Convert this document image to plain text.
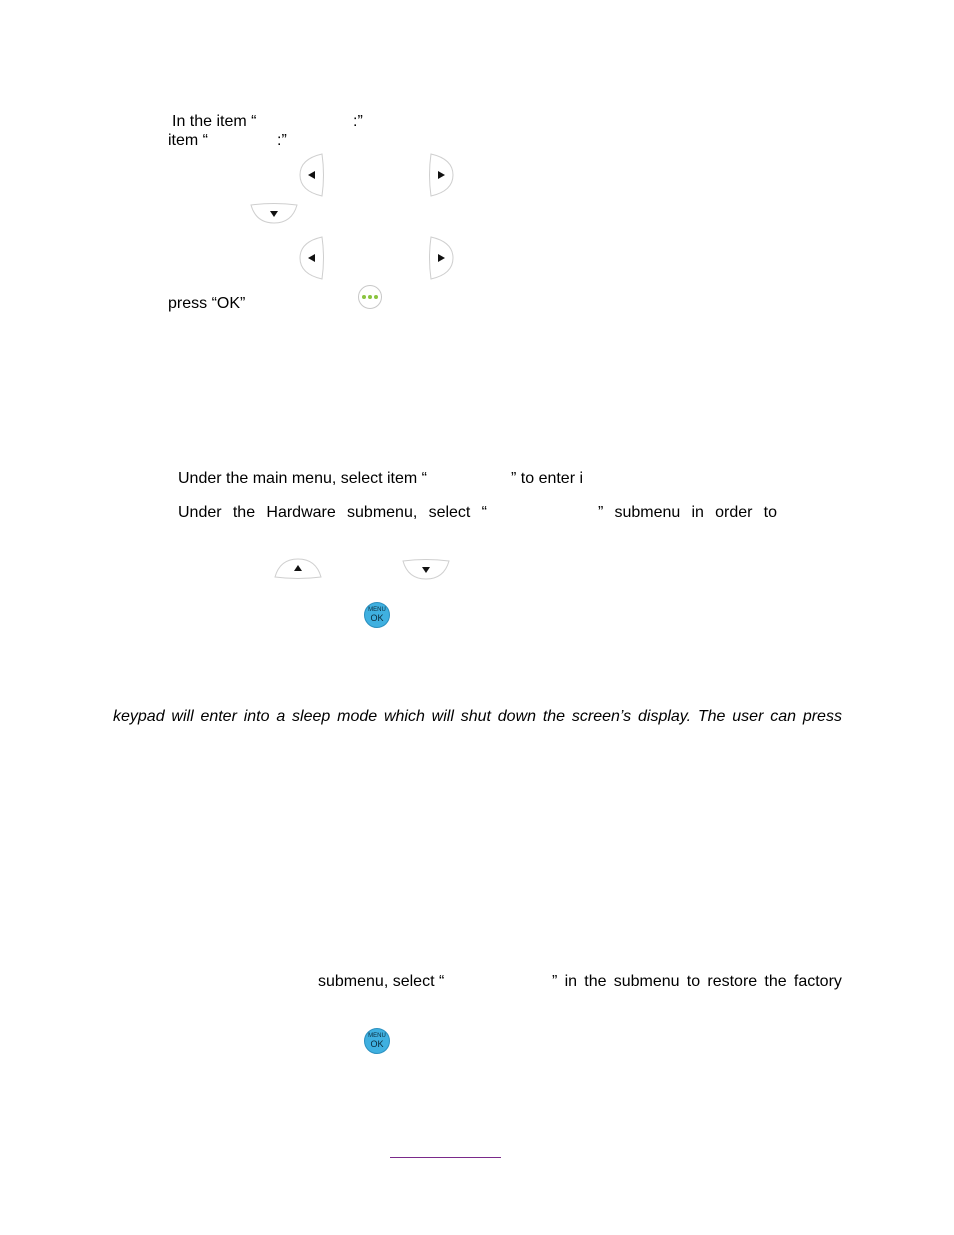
In the item “	:”
item “	:”
press “OK”
Under the main menu, select item “	” to enter i
Under the Hardware submenu, select “	” submenu in order to
MENU
OK
keypad will enter into a sleep mode which will shut down the screen’s display. The user can press
submenu, select “	” in the submenu to restore the factory
MENU
OK
